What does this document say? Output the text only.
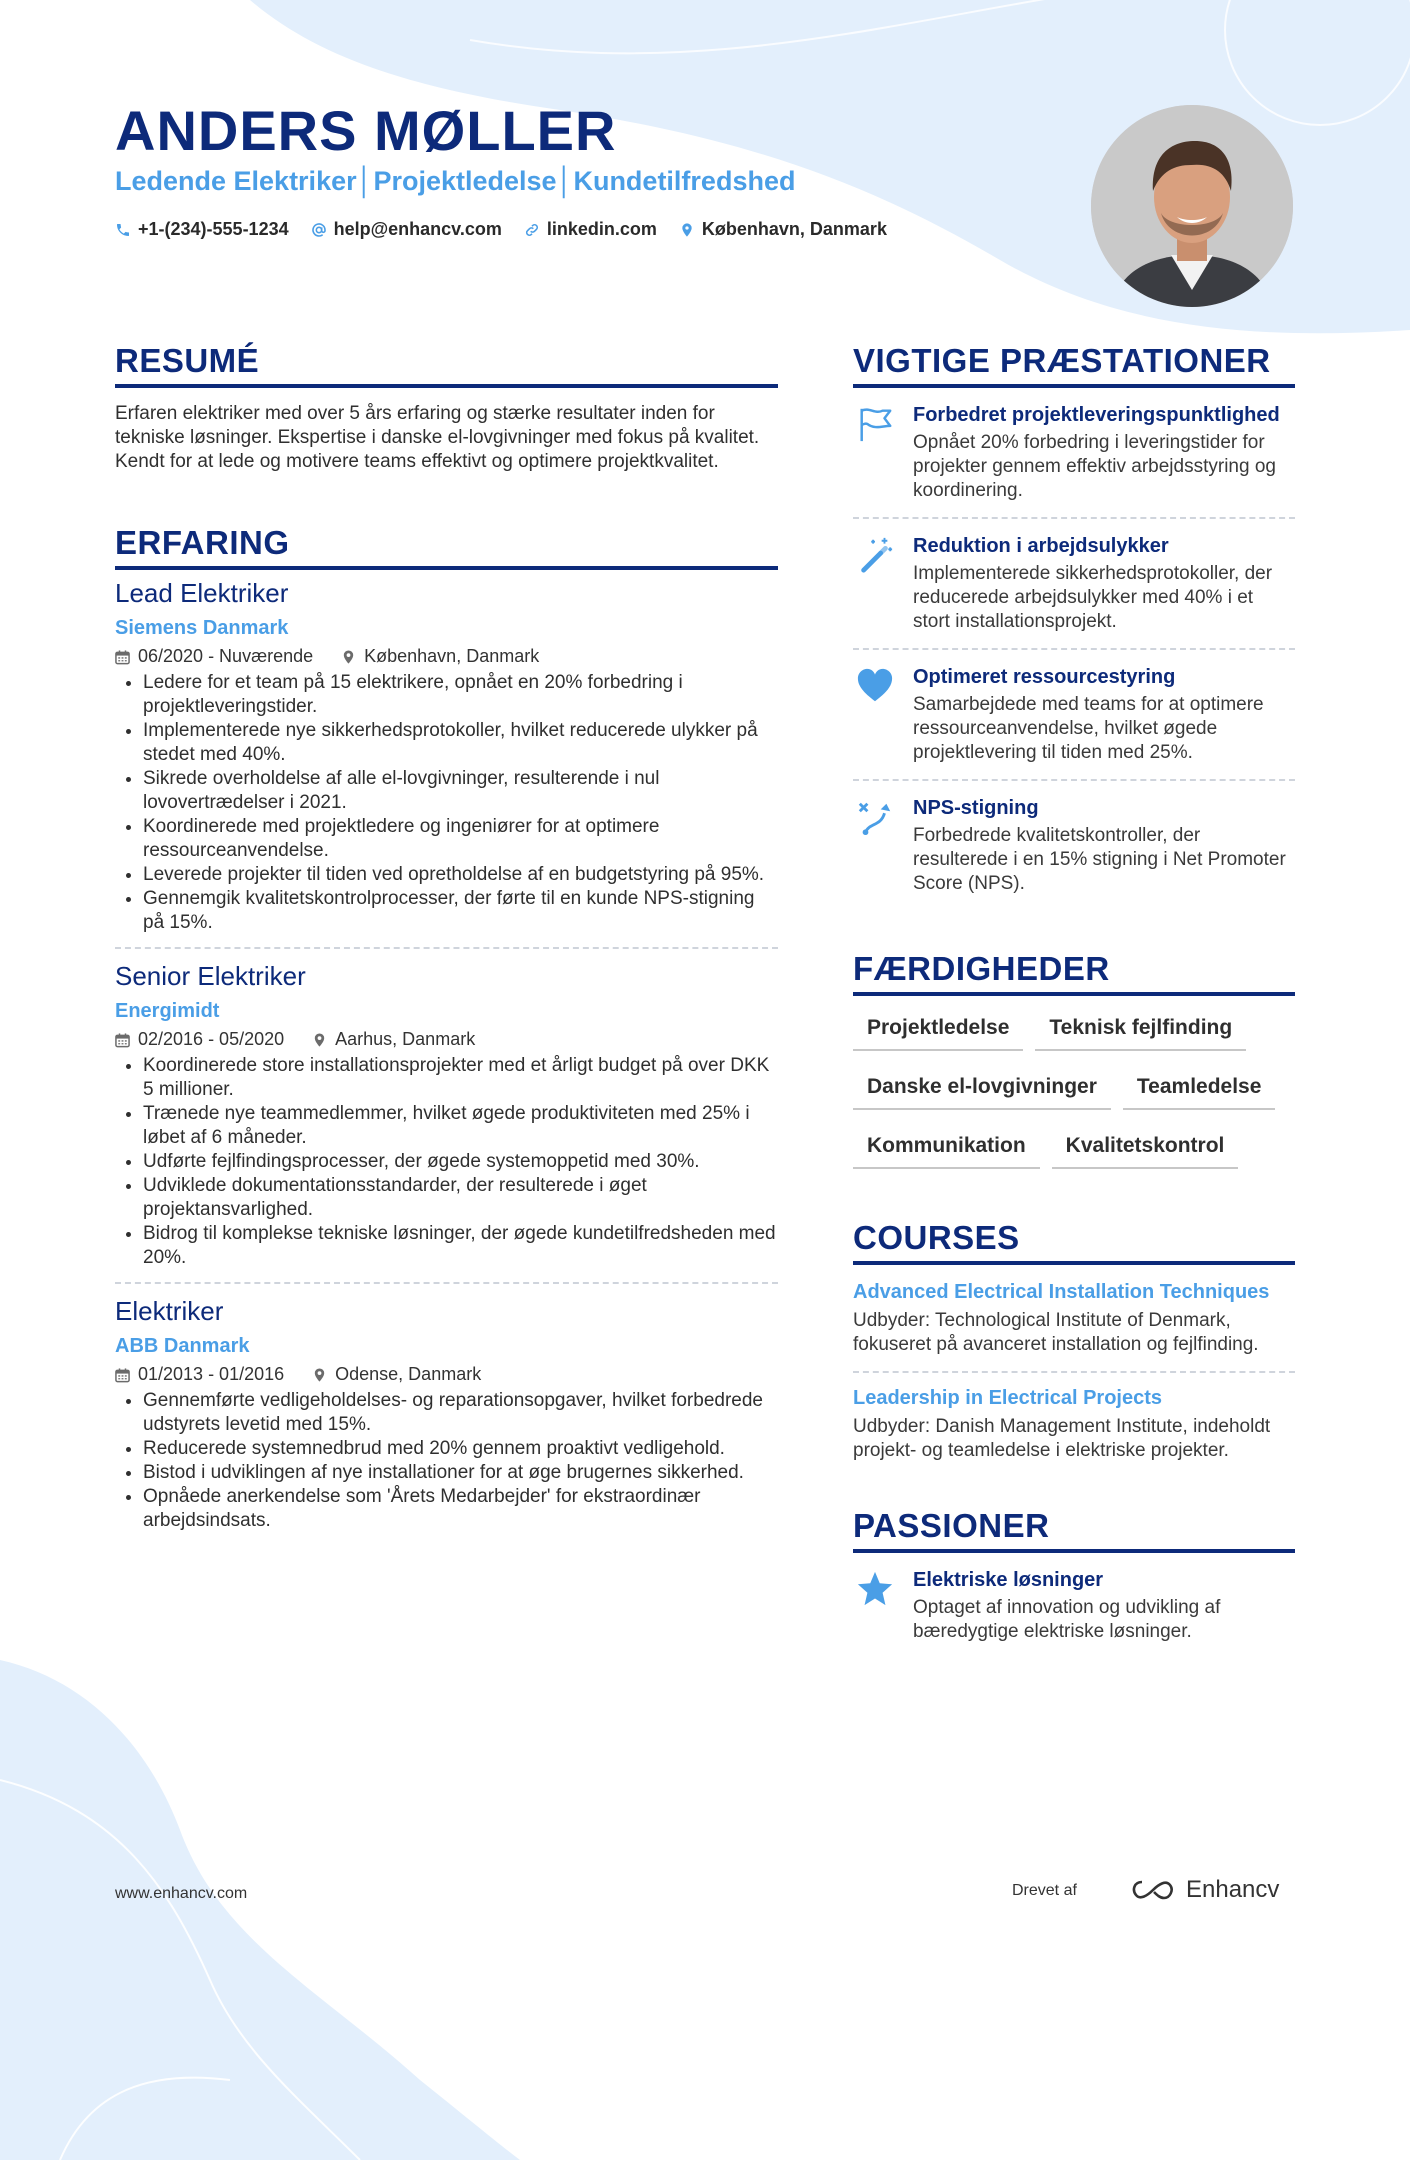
ANDERS MØLLER
Ledende Elektriker│Projektledelse│Kundetilfredshed
+1-(234)-555-1234	help@enhancv.com	linkedin.com	København, Danmark
RESUMÉ

Erfaren elektriker med over 5 års erfaring og stærke resultater inden for tekniske løsninger. Ekspertise i danske el-lovgivninger med fokus på kvalitet. Kendt for at lede og motivere teams effektivt og optimere projektkvalitet.

ERFARING
Lead Elektriker
Siemens Danmark
06/2020 - Nuværende	København, Danmark
• Ledere for et team på 15 elektrikere, opnået en 20% forbedring i projektleveringstider.
• Implementerede nye sikkerhedsprotokoller, hvilket reducerede ulykker på stedet med 40%.
• Sikrede overholdelse af alle el-lovgivninger, resulterende i nul lovovertrædelser i 2021.
• Koordinerede med projektledere og ingeniører for at optimere ressourceanvendelse.
• Leverede projekter til tiden ved opretholdelse af en budgetstyring på 95%.
• Gennemgik kvalitetskontrolprocesser, der førte til en kunde NPS-stigning på 15%.
Senior Elektriker
Energimidt
02/2016 - 05/2020	Aarhus, Danmark
• Koordinerede store installationsprojekter med et årligt budget på over DKK 5 millioner.
• Trænede nye teammedlemmer, hvilket øgede produktiviteten med 25% i løbet af 6 måneder.
• Udførte fejlfindingsprocesser, der øgede systemoppetid med 30%.
• Udviklede dokumentationsstandarder, der resulterede i øget projektansvarlighed.
• Bidrog til komplekse tekniske løsninger, der øgede kundetilfredsheden med 20%.
Elektriker
ABB Danmark
01/2013 - 01/2016	Odense, Danmark
• Gennemførte vedligeholdelses- og reparationsopgaver, hvilket forbedrede udstyrets levetid med 15%.
• Reducerede systemnedbrud med 20% gennem proaktivt vedligehold.
• Bistod i udviklingen af nye installationer for at øge brugernes sikkerhed.
• Opnåede anerkendelse som 'Årets Medarbejder' for ekstraordinær arbejdsindsats.
VIGTIGE PRÆSTATIONER
Forbedret projektleveringspunktlighed
Opnået 20% forbedring i leveringstider for projekter gennem effektiv arbejdsstyring og koordinering.
Reduktion i arbejdsulykker
Implementerede sikkerhedsprotokoller, der reducerede arbejdsulykker med 40% i et stort installationsprojekt.
Optimeret ressourcestyring
Samarbejdede med teams for at optimere ressourceanvendelse, hvilket øgede projektlevering til tiden med 25%.
NPS-stigning
Forbedrede kvalitetskontroller, der resulterede i en 15% stigning i Net Promoter Score (NPS).
FÆRDIGHEDER
Projektledelse	Teknisk fejlfinding
Danske el-lovgivninger	Teamledelse
Kommunikation	Kvalitetskontrol
COURSES
Advanced Electrical Installation Techniques
Udbyder: Technological Institute of Denmark, fokuseret på avanceret installation og fejlfinding.
Leadership in Electrical Projects
Udbyder: Danish Management Institute, indeholdt projekt- og teamledelse i elektriske projekter.
PASSIONER
Elektriske løsninger
Optaget af innovation og udvikling af bæredygtige elektriske løsninger.
www.enhancv.com	Drevet af	Enhancv
